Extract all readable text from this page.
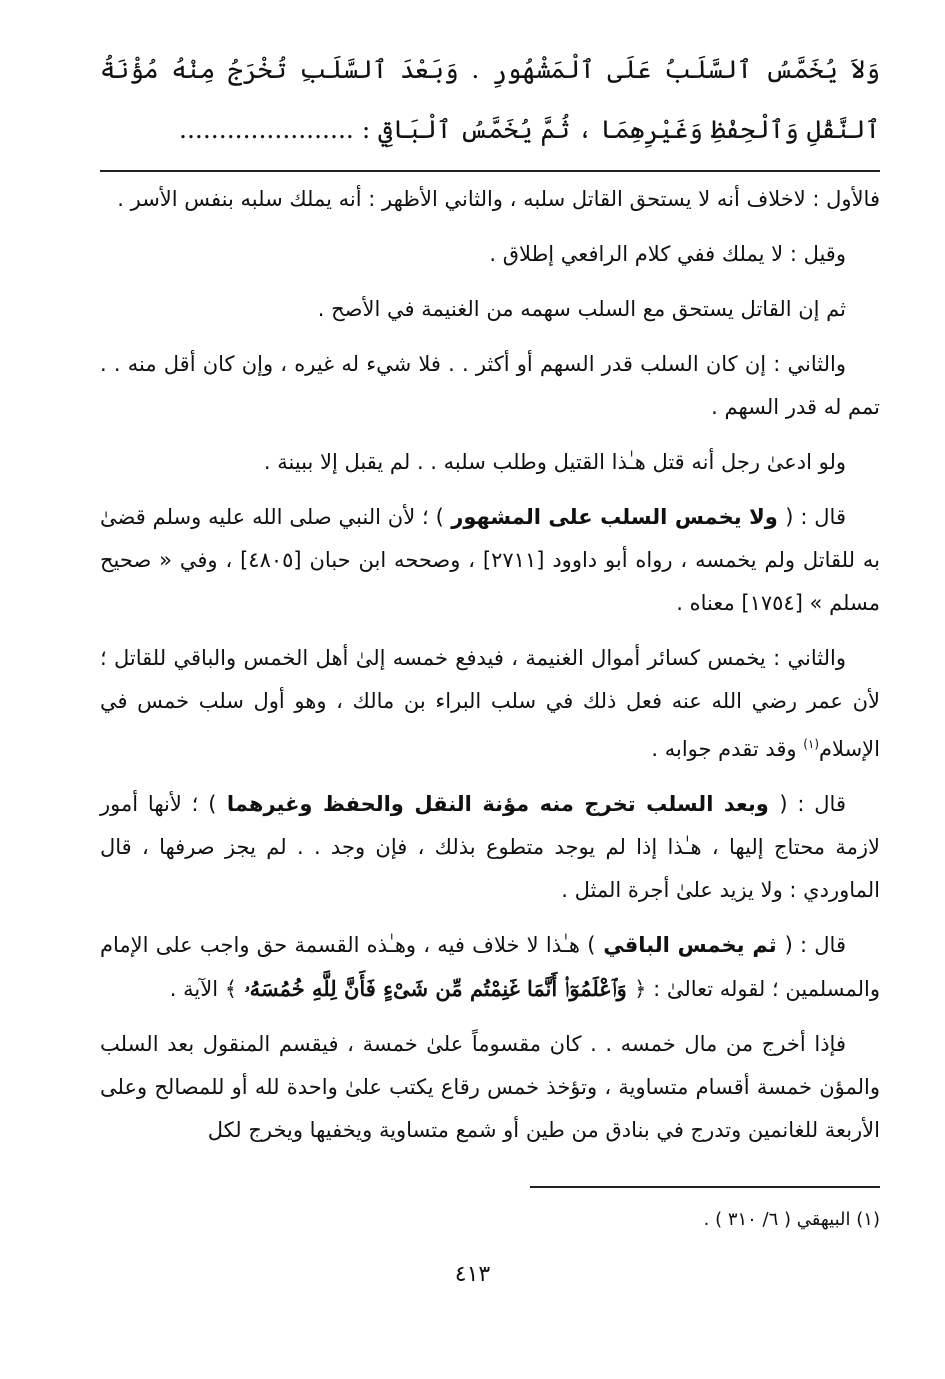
وَلاَ يُخَمَّسُ ٱلسَّلَبُ عَلَى ٱلْمَشْهُورِ . وَبَعْدَ ٱلسَّلَبِ تُخْرَجُ مِنْهُ مُؤْنَةُ ٱلنَّقْلِ وَٱلْحِفْظِ وَغَيْرِهِمَا ، ثُمَّ يُخَمَّسُ ٱلْبَاقِي : ......................

فالأول : لاخلاف أنه لا يستحق القاتل سلبه ، والثاني الأظهر : أنه يملك سلبه بنفس الأسر .

وقيل : لا يملك ففي كلام الرافعي إطلاق .

ثم إن القاتل يستحق مع السلب سهمه من الغنيمة في الأصح .

والثاني : إن كان السلب قدر السهم أو أكثر . . فلا شيء له غيره ، وإن كان أقل منه . . تمم له قدر السهم .

ولو ادعىٰ رجل أنه قتل هـٰذا القتيل وطلب سلبه . . لم يقبل إلا ببينة .

قال : ( ولا يخمس السلب على المشهور ) ؛ لأن النبي صلى الله عليه وسلم قضىٰ به للقاتل ولم يخمسه ، رواه أبو داوود [٢٧١١] ، وصححه ابن حبان [٤٨٠٥] ، وفي « صحيح مسلم » [١٧٥٤] معناه .

والثاني : يخمس كسائر أموال الغنيمة ، فيدفع خمسه إلىٰ أهل الخمس والباقي للقاتل ؛ لأن عمر رضي الله عنه فعل ذلك في سلب البراء بن مالك ، وهو أول سلب خمس في الإسلام$^{(١)}$ وقد تقدم جوابه .

قال : ( وبعد السلب تخرج منه مؤنة النقل والحفظ وغيرهما ) ؛ لأنها أمور لازمة محتاج إليها ، هـٰذا إذا لم يوجد متطوع بذلك ، فإن وجد . . لم يجز صرفها ، قال الماوردي : ولا يزيد علىٰ أجرة المثل .

قال : ( ثم يخمس الباقي ) هـٰذا لا خلاف فيه ، وهـٰذه القسمة حق واجب على الإمام والمسلمين ؛ لقوله تعالىٰ : ﴿ وَٱعْلَمُوٓا۟ أَنَّمَا غَنِمْتُم مِّن شَىْءٍ فَأَنَّ لِلَّهِ خُمُسَهُۥ ﴾ الآية .

فإذا أخرج من مال خمسه . . كان مقسوماً علىٰ خمسة ، فيقسم المنقول بعد السلب والمؤن خمسة أقسام متساوية ، وتؤخذ خمس رقاع يكتب علىٰ واحدة لله أو للمصالح وعلى الأربعة للغانمين وتدرج في بنادق من طين أو شمع متساوية ويخفيها ويخرج لكل

(١) البيهقي ( ٦/ ٣١٠ ) .

٤١٣
